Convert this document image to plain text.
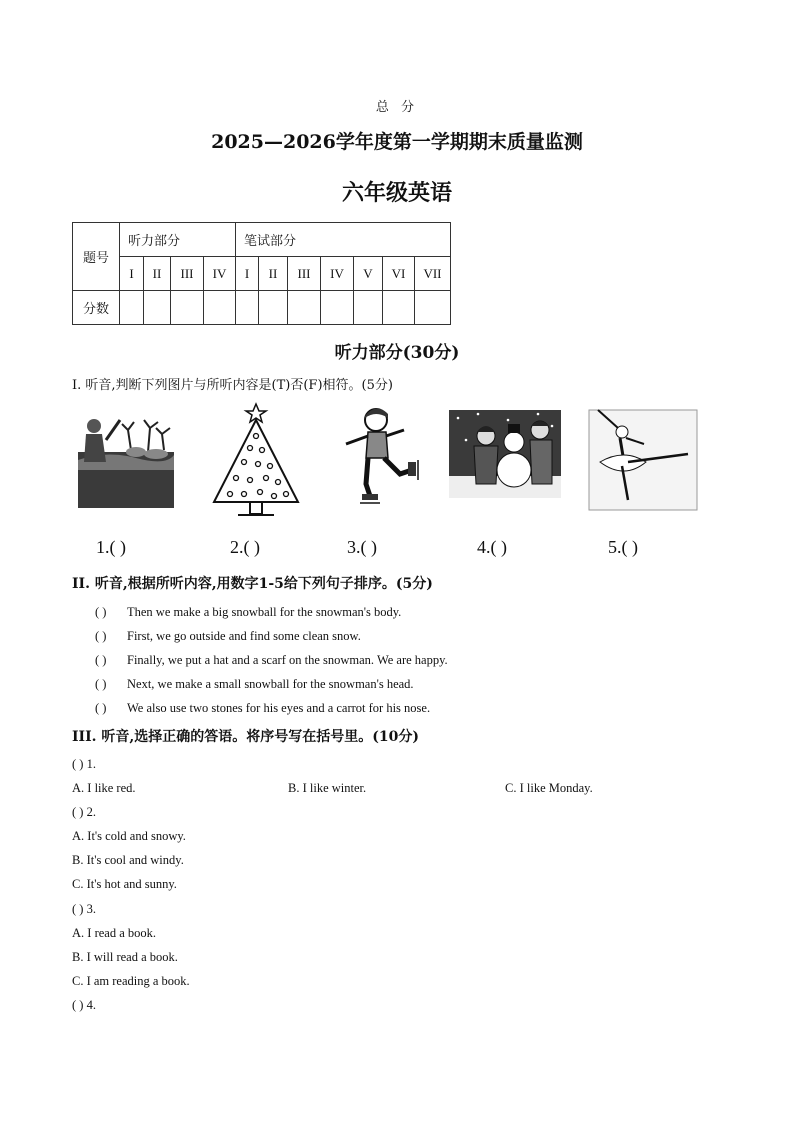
总 分
2025—2026学年度第一学期期末质量监测
六年级英语
题号	听力部分				笔试部分						
	I	II	III	IV	I	II	III	IV	V	VI	VII
分数											
听力部分(30分)
I. 听音,判断下列图片与所听内容是(T)否(F)相符。(5分)
1.( )	2.( )	3.( )	4.( )	5.( )
II. 听音,根据所听内容,用数字1-5给下列句子排序。(5分)
( ) Then we make a big snowball for the snowman's body.
( ) First, we go outside and find some clean snow.
( ) Finally, we put a hat and a scarf on the snowman. We are happy.
( ) Next, we make a small snowball for the snowman's head.
( ) We also use two stones for his eyes and a carrot for his nose.
III. 听音,选择正确的答语。将序号写在括号里。(10分)
( ) 1.
A. I like red.	B. I like winter.	C. I like Monday.
( ) 2.
A. It's cold and snowy.
B. It's cool and windy.
C. It's hot and sunny.
( ) 3.
A. I read a book.
B. I will read a book.
C. I am reading a book.
( ) 4.
